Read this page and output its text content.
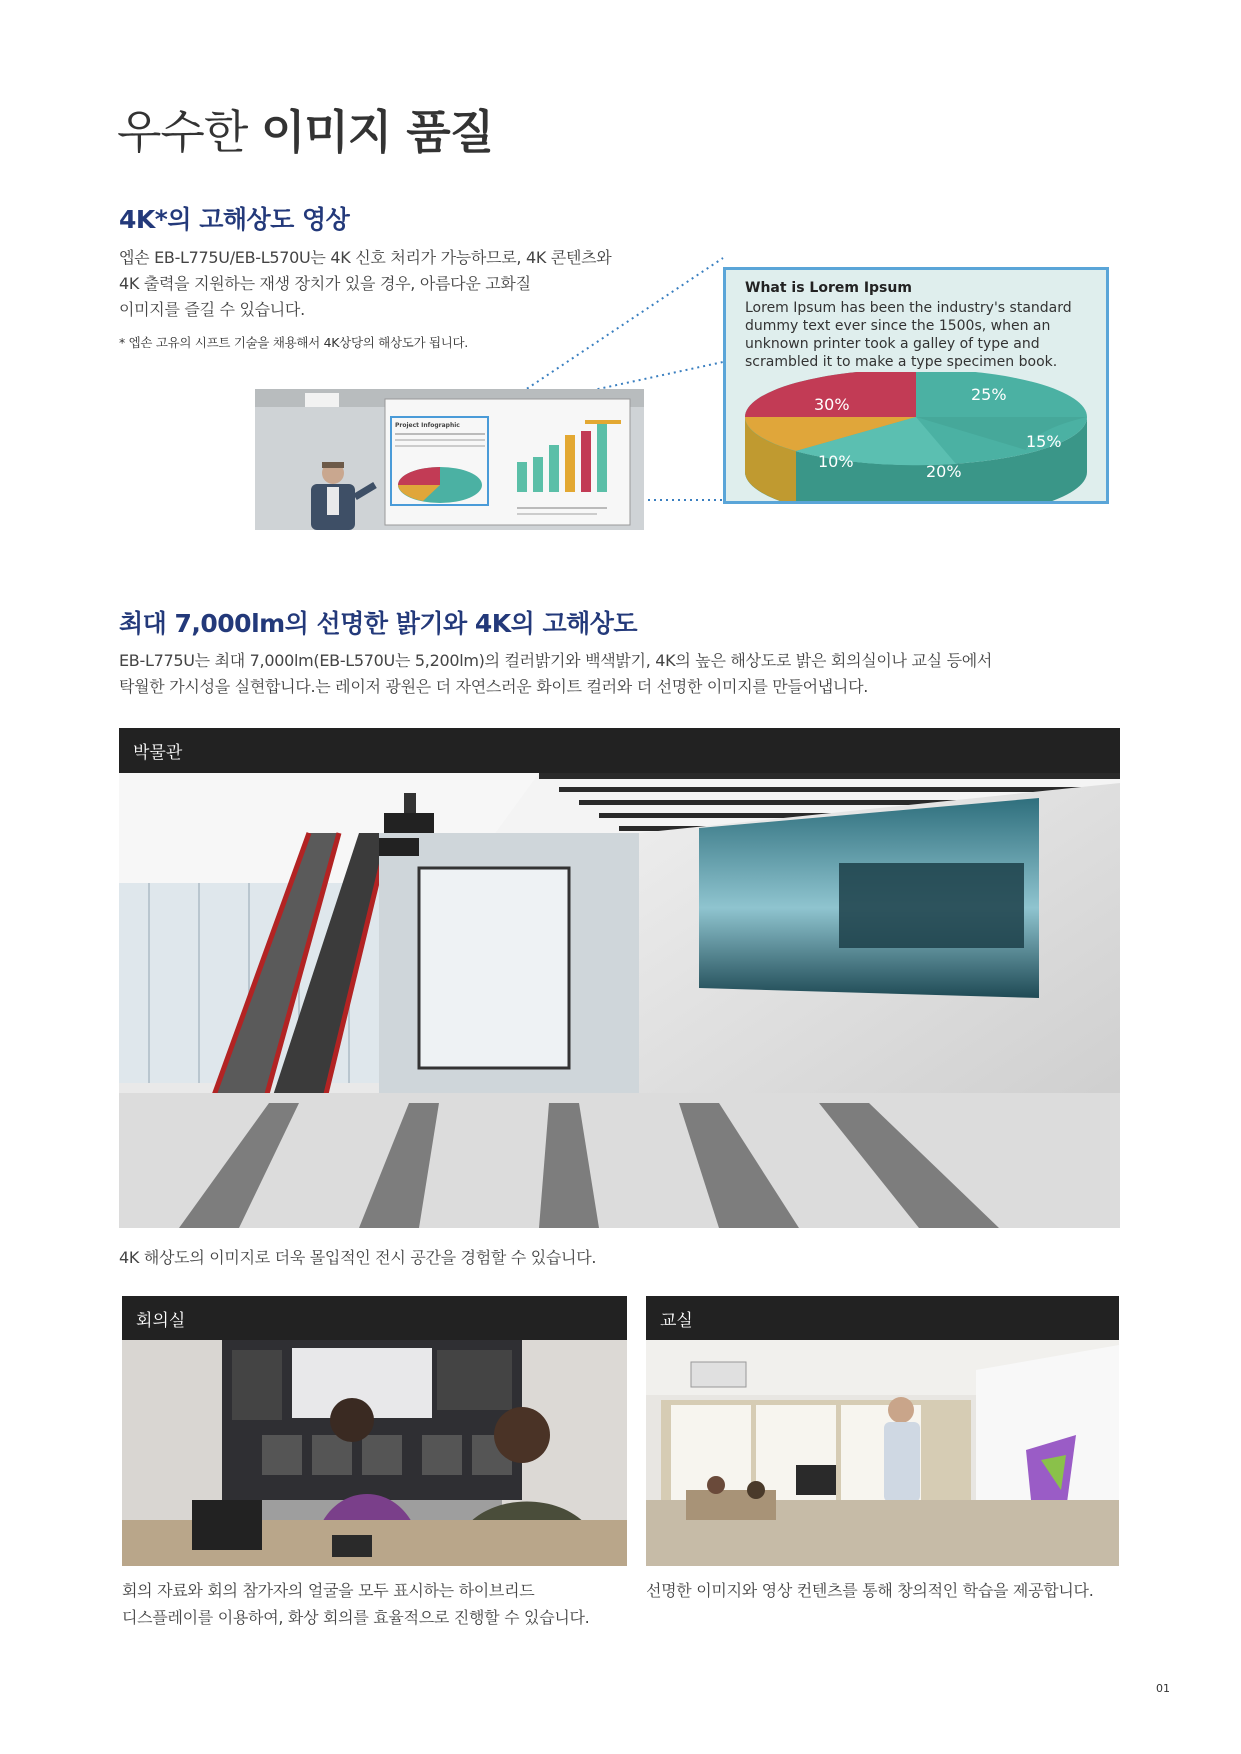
우수한 이미지 품질
4K*의 고해상도 영상
엡손 EB-L775U/EB-L570U는 4K 신호 처리가 가능하므로, 4K 콘텐츠와
4K 출력을 지원하는 재생 장치가 있을 경우, 아름다운 고화질
이미지를 즐길 수 있습니다.
* 엡손 고유의 시프트 기술을 채용해서 4K상당의 해상도가 됩니다.
Project Infographic
What is Lorem Ipsum
Lorem Ipsum has been the industry's standard dummy text ever since the 1500s, when an unknown printer took a galley of type and scrambled it to make a type specimen book.
30%
25%
15%
10%
20%
최대 7,000lm의 선명한 밝기와 4K의 고해상도
EB-L775U는 최대 7,000lm(EB-L570U는 5,200lm)의 컬러밝기와 백색밝기, 4K의 높은 해상도로 밝은 회의실이나 교실 등에서
탁월한 가시성을 실현합니다.는 레이저 광원은 더 자연스러운 화이트 컬러와 더 선명한 이미지를 만들어냅니다.
박물관
4K 해상도의 이미지로 더욱 몰입적인 전시 공간을 경험할 수 있습니다.
회의실
회의 자료와 회의 참가자의 얼굴을 모두 표시하는 하이브리드
디스플레이를 이용하여, 화상 회의를 효율적으로 진행할 수 있습니다.
교실
선명한 이미지와 영상 컨텐츠를 통해 창의적인 학습을 제공합니다.
01
